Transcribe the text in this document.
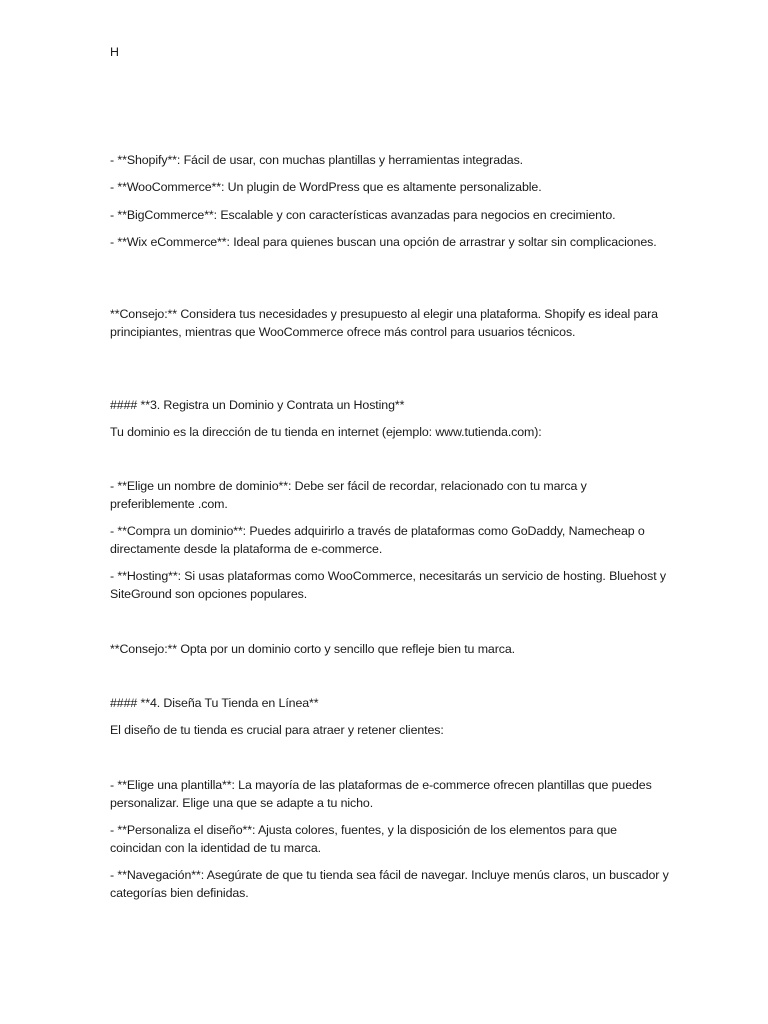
H
- **Shopify**: Fácil de usar, con muchas plantillas y herramientas integradas.
- **WooCommerce**: Un plugin de WordPress que es altamente personalizable.
- **BigCommerce**: Escalable y con características avanzadas para negocios en crecimiento.
- **Wix eCommerce**: Ideal para quienes buscan una opción de arrastrar y soltar sin complicaciones.
**Consejo:** Considera tus necesidades y presupuesto al elegir una plataforma. Shopify es ideal para principiantes, mientras que WooCommerce ofrece más control para usuarios técnicos.
#### **3. Registra un Dominio y Contrata un Hosting**
Tu dominio es la dirección de tu tienda en internet (ejemplo: www.tutienda.com):
- **Elige un nombre de dominio**: Debe ser fácil de recordar, relacionado con tu marca y preferiblemente .com.
- **Compra un dominio**: Puedes adquirirlo a través de plataformas como GoDaddy, Namecheap o directamente desde la plataforma de e-commerce.
- **Hosting**: Si usas plataformas como WooCommerce, necesitarás un servicio de hosting. Bluehost y SiteGround son opciones populares.
**Consejo:** Opta por un dominio corto y sencillo que refleje bien tu marca.
#### **4. Diseña Tu Tienda en Línea**
El diseño de tu tienda es crucial para atraer y retener clientes:
- **Elige una plantilla**: La mayoría de las plataformas de e-commerce ofrecen plantillas que puedes personalizar. Elige una que se adapte a tu nicho.
- **Personaliza el diseño**: Ajusta colores, fuentes, y la disposición de los elementos para que coincidan con la identidad de tu marca.
- **Navegación**: Asegúrate de que tu tienda sea fácil de navegar. Incluye menús claros, un buscador y categorías bien definidas.
